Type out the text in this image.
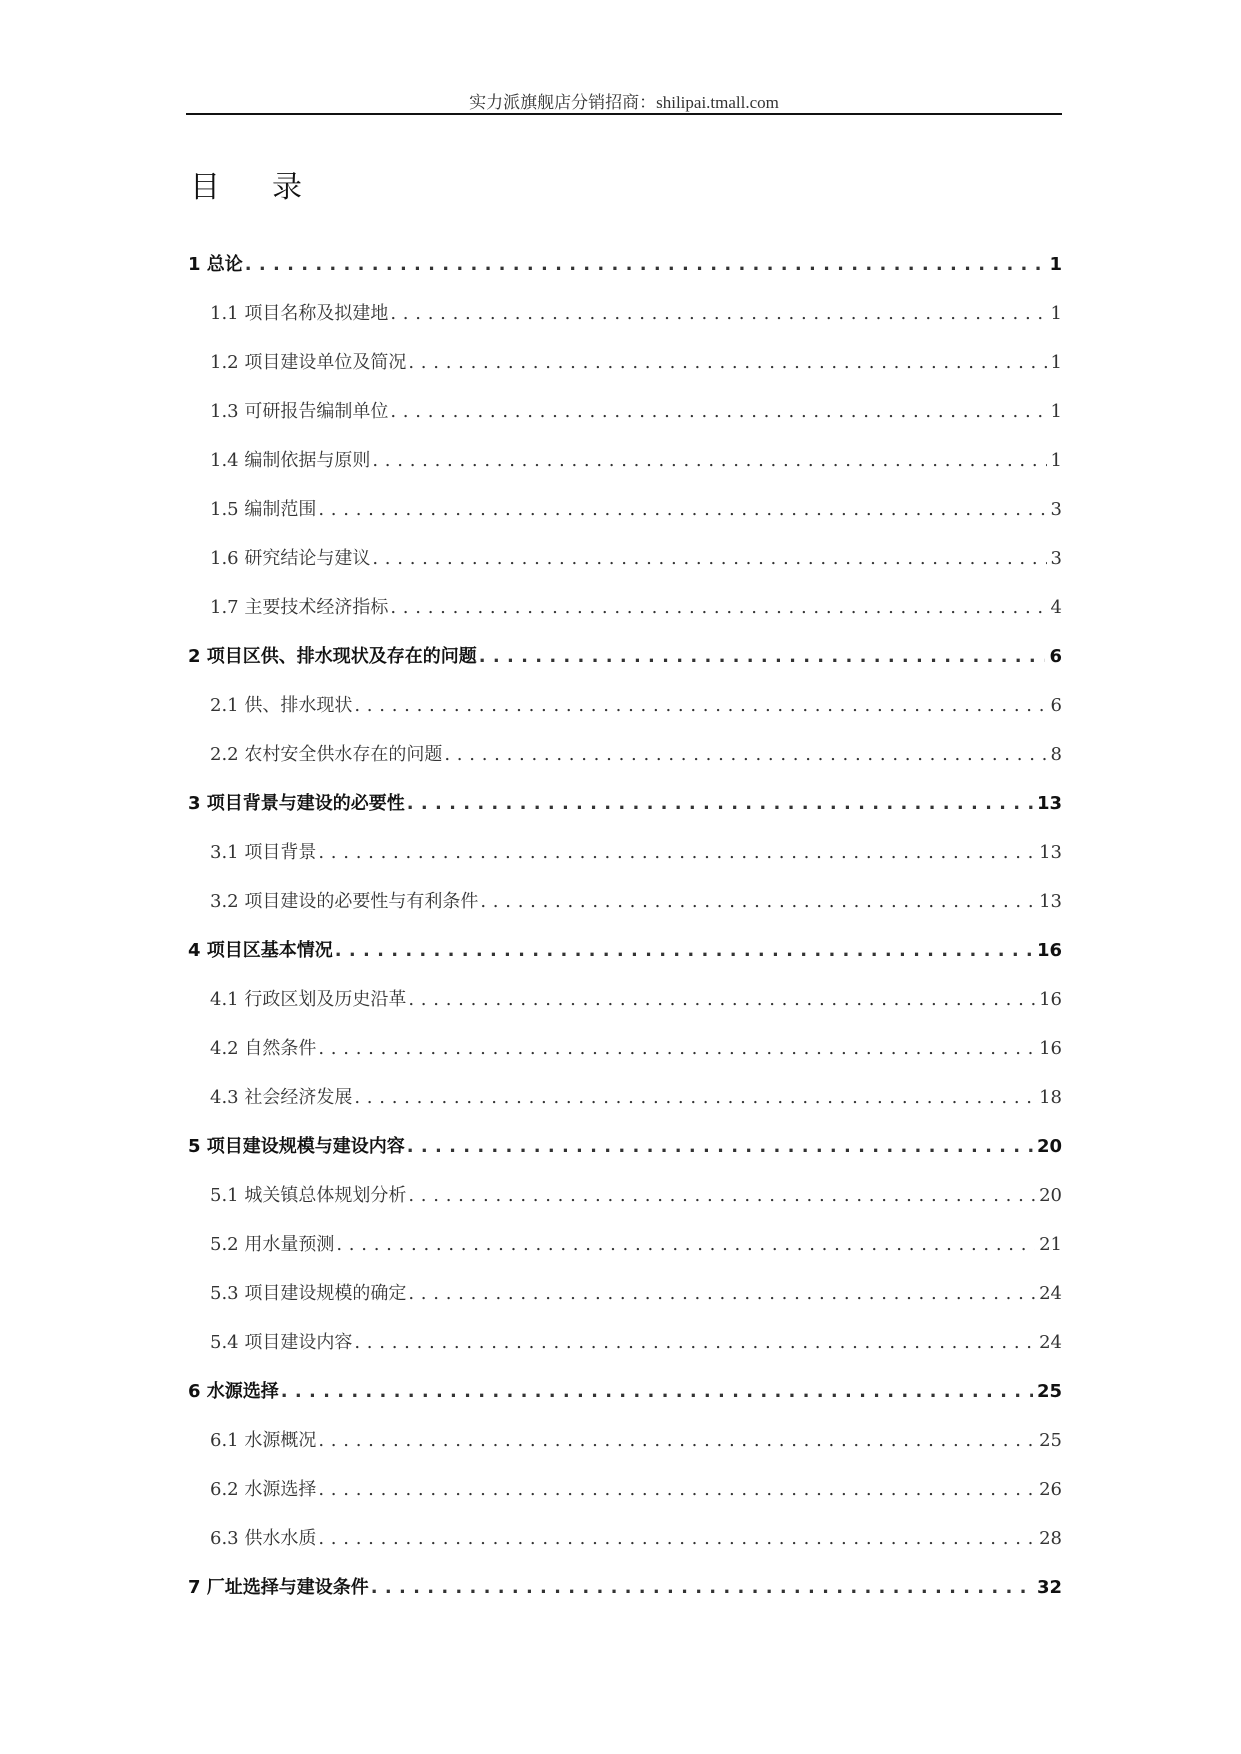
实力派旗舰店分销招商：shilipai.tmall.com
目录
1 总论 . . .	1
1.1 项目名称及拟建地 . . .	1
1.2 项目建设单位及简况 . . .	1
1.3 可研报告编制单位 . . .	1
1.4 编制依据与原则 . . .	1
1.5 编制范围 . . .	3
1.6 研究结论与建议 . . .	3
1.7 主要技术经济指标 . . .	4
2 项目区供、排水现状及存在的问题 . . .	6
2.1 供、排水现状 . . .	6
2.2 农村安全供水存在的问题 . . .	8
3 项目背景与建设的必要性 . . .	13
3.1 项目背景 . . .	13
3.2 项目建设的必要性与有利条件 . . .	13
4 项目区基本情况 . . .	16
4.1 行政区划及历史沿革 . . .	16
4.2 自然条件 . . .	16
4.3 社会经济发展 . . .	18
5 项目建设规模与建设内容 . . .	20
5.1 城关镇总体规划分析 . . .	20
5.2 用水量预测 . . .	21
5.3 项目建设规模的确定 . . .	24
5.4 项目建设内容 . . .	24
6 水源选择 . . .	25
6.1 水源概况 . . .	25
6.2 水源选择 . . .	26
6.3 供水水质 . . .	28
7 厂址选择与建设条件 . . .	32
